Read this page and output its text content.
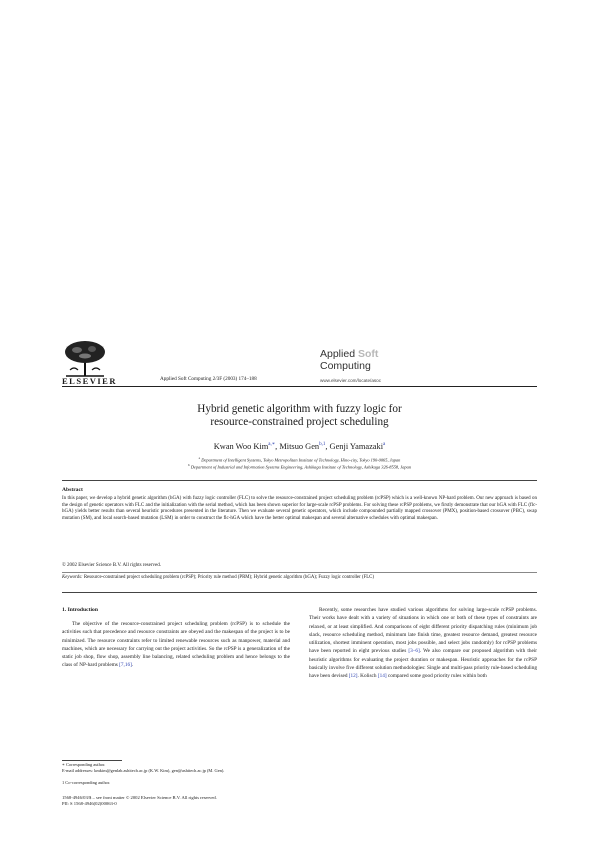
ELSEVIER	Applied Soft Computing 2/3F (2003) 174–188
Applied Soft
Computing
www.elsevier.com/locate/asoc
Hybrid genetic algorithm with fuzzy logic for
resource-constrained project scheduling
Kwan Woo Kim$^{a,∗}$, Mitsuo Gen$^{b,1}$, Genji Yamazaki$^a$
$^a$ Department of Intelligent Systems, Tokyo Metropolitan Institute of Technology, Hino-city, Tokyo 190-0065, Japan
$^b$ Department of Industrial and Information Systems Engineering, Ashikaga Institute of Technology, Ashikaga 326-8558, Japan
Abstract
In this paper, we develop a hybrid genetic algorithm (hGA) with fuzzy logic controller (FLC) to solve the resource-constrained project scheduling problem (rcPSP) which is a well-known NP-hard problem. Our new approach is based on the design of genetic operators with FLC and the initialization with the serial method, which has been shown superior for large-scale rcPSP problems. For solving these rcPSP problems, we firstly demonstrate that our hGA with FLC (flc-hGA) yields better results than several heuristic procedures presented in the literature. Then we evaluate several genetic operators, which include compounded partially mapped crossover (PMX), position-based crossover (PBC), swap mutation (SM), and local search-based mutation (LSM) in order to construct the flc-hGA which have the better optimal makespan and several alternative schedules with optimal makespan.
© 2002 Elsevier Science B.V. All rights reserved.
Keywords: Resource-constrained project scheduling problem (rcPSP); Priority rule method (PRM); Hybrid genetic algorithm (hGA); Fuzzy logic controller (FLC)
1. Introduction
The objective of the resource-constrained project scheduling problem (rcPSP) is to schedule the activities such that precedence and resource constraints are obeyed and the makespan of the project is to be minimized. The resource constraints refer to limited renewable resources such as manpower, material and machines, which are necessary for carrying out the project activities. So the rcPSP is a generalization of the static job shop, flow shop, assembly line balancing, related scheduling problem and hence belongs to the class of NP-hard problems [7,16].
Recently, some researches have studied various algorithms for solving large-scale rcPSP problems. Their works have dealt with a variety of situations in which one or both of these types of constraints are relaxed, or at least simplified. And comparisons of eight different priority dispatching rules (minimum job slack, resource scheduling method, minimum late finish time, greatest resource demand, greatest resource utilization, shortest imminent operation, most jobs possible, and select jobs randomly) for rcPSP problems have been reported in eight previous studies [3–6]. We also compare our proposed algorithm with their heuristic algorithms for evaluating the project duration or makespan. Heuristic approaches for the rcPSP basically involve five different solution methodologies: Single and multi-pass priority rule-based scheduling have been devised [12]. Kolisch [14] compared some good priority rules within both
∗ Corresponding author.
E-mail addresses: kmkim@genlab.ashitech.ac.jp (K.W. Kim), gen@ashitech.ac.jp (M. Gen).
1 Co-corresponding author.
1568-4946/03/$ – see front matter © 2002 Elsevier Science B.V. All rights reserved.
PII: S 1568-4946(02)00063-0
